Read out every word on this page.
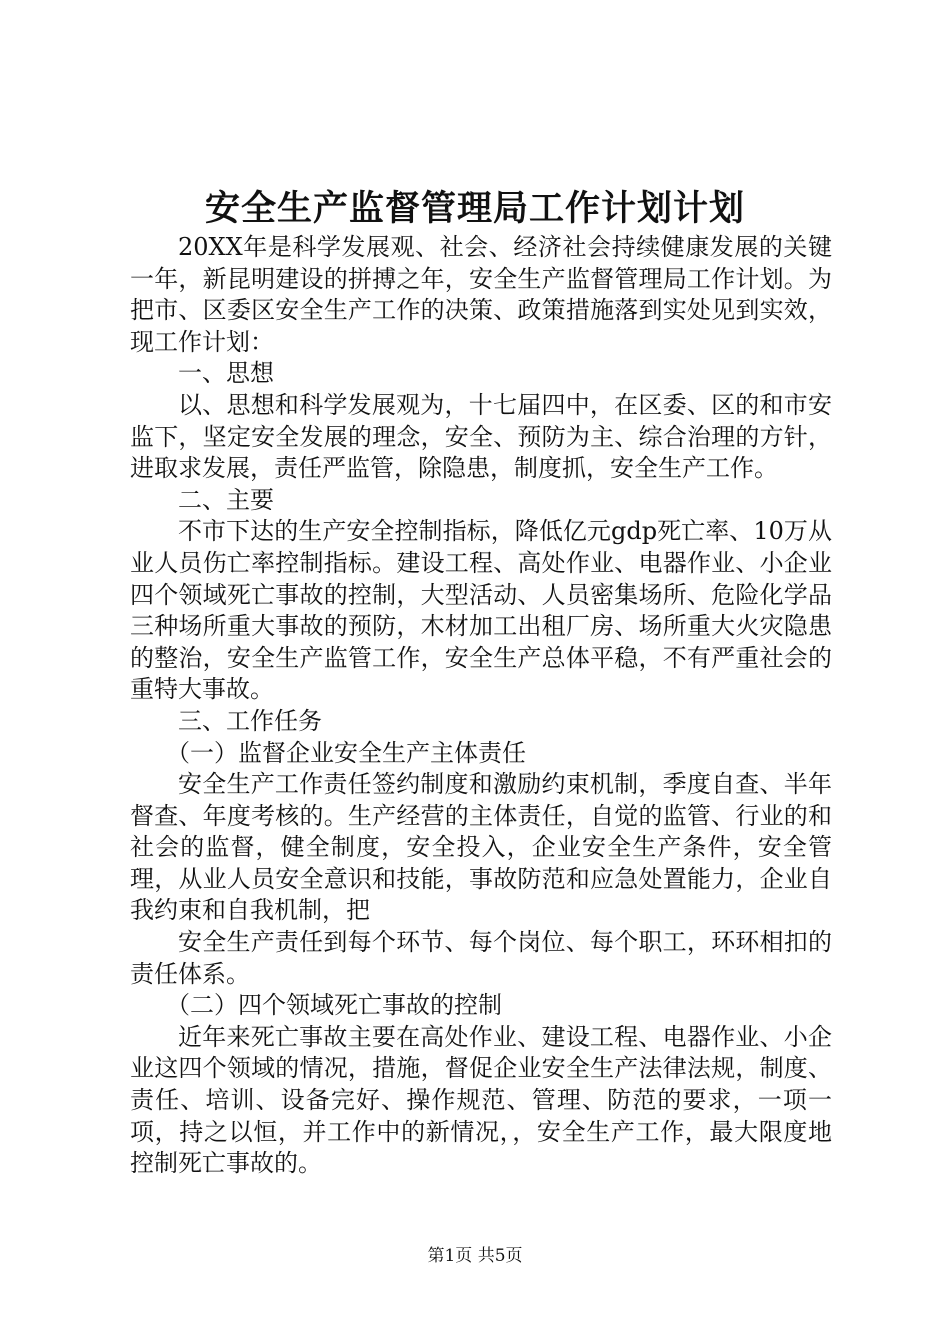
安全生产监督管理局工作计划计划

20XX年是科学发展观、社会、经济社会持续健康发展的关键一年，新昆明建设的拼搏之年，安全生产监督管理局工作计划。为把市、区委区安全生产工作的决策、政策措施落到实处见到实效，现工作计划：

一、思想

以、思想和科学发展观为，十七届四中，在区委、区的和市安监下，坚定安全发展的理念，安全、预防为主、综合治理的方针，进取求发展，责任严监管，除隐患，制度抓，安全生产工作。

二、主要

不市下达的生产安全控制指标，降低亿元gdp死亡率、10万从业人员伤亡率控制指标。建设工程、高处作业、电器作业、小企业四个领域死亡事故的控制，大型活动、人员密集场所、危险化学品三种场所重大事故的预防，木材加工出租厂房、场所重大火灾隐患的整治，安全生产监管工作，安全生产总体平稳，不有严重社会的重特大事故。

三、工作任务

（一）监督企业安全生产主体责任

安全生产工作责任签约制度和激励约束机制，季度自查、半年督查、年度考核的。生产经营的主体责任，自觉的监管、行业的和社会的监督，健全制度，安全投入，企业安全生产条件，安全管理，从业人员安全意识和技能，事故防范和应急处置能力，企业自我约束和自我机制，把

安全生产责任到每个环节、每个岗位、每个职工，环环相扣的责任体系。

（二）四个领域死亡事故的控制

近年来死亡事故主要在高处作业、建设工程、电器作业、小企业这四个领域的情况，措施，督促企业安全生产法律法规，制度、责任、培训、设备完好、操作规范、管理、防范的要求，一项一项，持之以恒，并工作中的新情况，，安全生产工作，最大限度地控制死亡事故的。

第1页 共5页
